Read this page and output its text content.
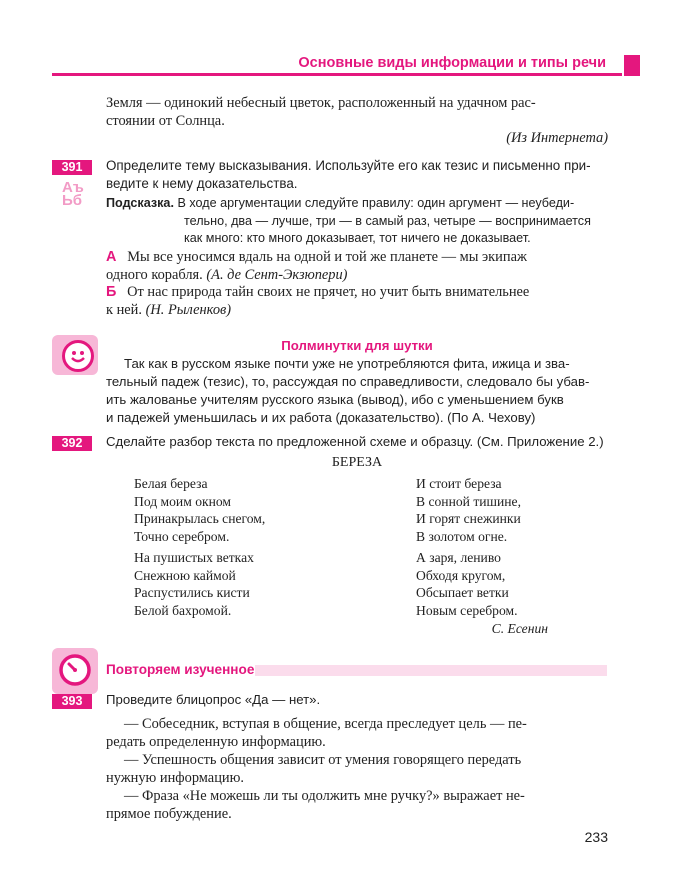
Основные виды информации и типы речи
Земля — одинокий небесный цветок, расположенный на удачном рас-
стоянии от Солнца.
(Из Интернета)
391
Аъ Ьб
Определите тему высказывания. Используйте его как тезис и письменно при-
ведите к нему доказательства.
Подсказка. В ходе аргументации следуйте правилу: один аргумент — неубеди-
тельно, два — лучше, три — в самый раз, четыре — воспринимается
как много: кто много доказывает, тот ничего не доказывает.
А Мы все уносимся вдаль на одной и той же планете — мы экипаж
одного корабля. (А. де Сент-Экзюпери)
Б От нас природа тайн своих не прячет, но учит быть внимательнее
к ней. (Н. Рыленков)
Полминутки для шутки
Так как в русском языке почти уже не употребляются фита, ижица и зва-
тельный падеж (тезис), то, рассуждая по справедливости, следовало бы убав-
ить жалованье учителям русского языка (вывод), ибо с уменьшением букв
и падежей уменьшилась и их работа (доказательство). (По А. Чехову)
392	Сделайте разбор текста по предложенной схеме и образцу. (См. Приложение 2.)
БЕРЕЗА
Белая береза
Под моим окном
Принакрылась снегом,
Точно серебром.
На пушистых ветках
Снежною каймой
Распустились кисти
Белой бахромой.
И стоит береза
В сонной тишине,
И горят снежинки
В золотом огне.
А заря, лениво
Обходя кругом,
Обсыпает ветки
Новым серебром.
С. Есенин
Повторяем изученное
393	Проведите блицопрос «Да — нет».
— Собеседник, вступая в общение, всегда преследует цель — пе-
редать определенную информацию.
— Успешность общения зависит от умения говорящего передать
нужную информацию.
— Фраза «Не можешь ли ты одолжить мне ручку?» выражает не-
прямое побуждение.
233
